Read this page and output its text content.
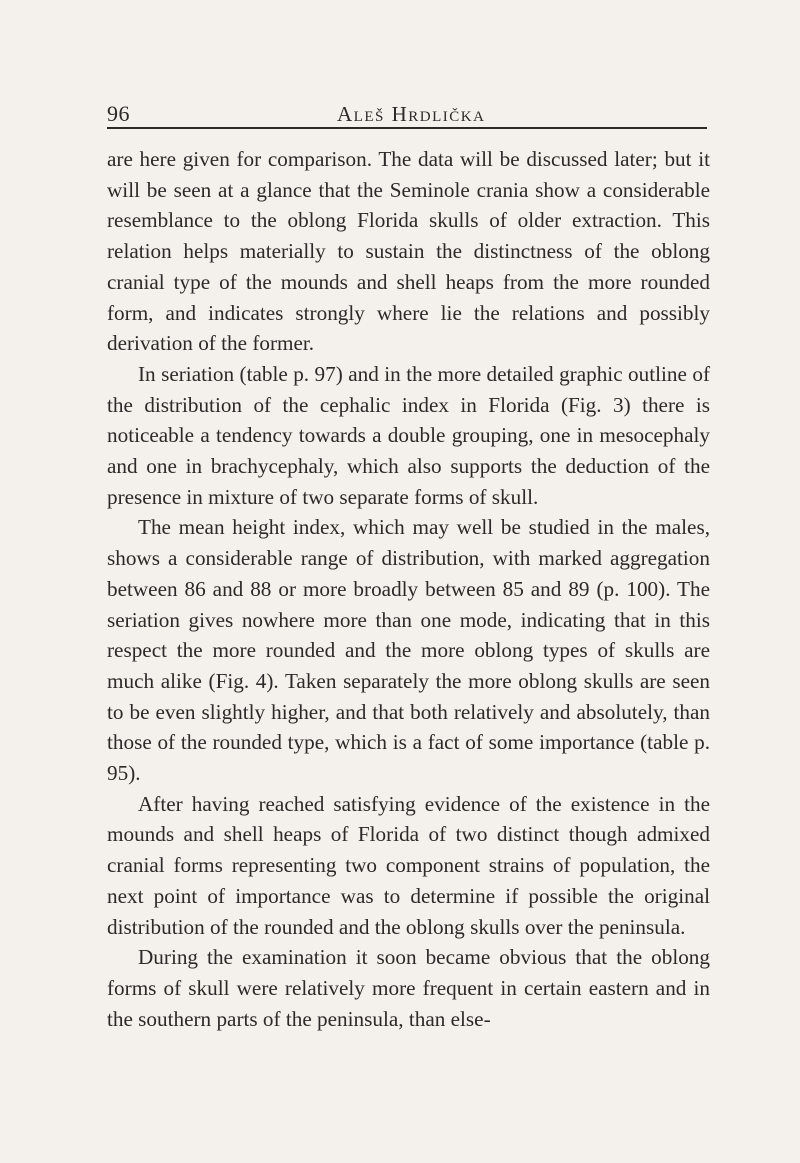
96	Aleš Hrdlička

are here given for comparison. The data will be discussed later; but it will be seen at a glance that the Seminole crania show a considerable resemblance to the oblong Florida skulls of older extraction. This relation helps materially to sustain the distinctness of the oblong cranial type of the mounds and shell heaps from the more rounded form, and indicates strongly where lie the relations and possibly derivation of the former.

In seriation (table p. 97) and in the more detailed graphic outline of the distribution of the cephalic index in Florida (Fig. 3) there is noticeable a tendency towards a double grouping, one in mesocephaly and one in brachycephaly, which also supports the deduction of the presence in mixture of two separate forms of skull.

The mean height index, which may well be studied in the males, shows a considerable range of distribution, with marked aggregation between 86 and 88 or more broadly between 85 and 89 (p. 100). The seriation gives nowhere more than one mode, indicating that in this respect the more rounded and the more oblong types of skulls are much alike (Fig. 4). Taken separately the more oblong skulls are seen to be even slightly higher, and that both relatively and absolutely, than those of the rounded type, which is a fact of some importance (table p. 95).

After having reached satisfying evidence of the existence in the mounds and shell heaps of Florida of two distinct though admixed cranial forms representing two component strains of population, the next point of importance was to determine if possible the original distribution of the rounded and the oblong skulls over the peninsula.

During the examination it soon became obvious that the oblong forms of skull were relatively more frequent in certain eastern and in the southern parts of the peninsula, than else-
